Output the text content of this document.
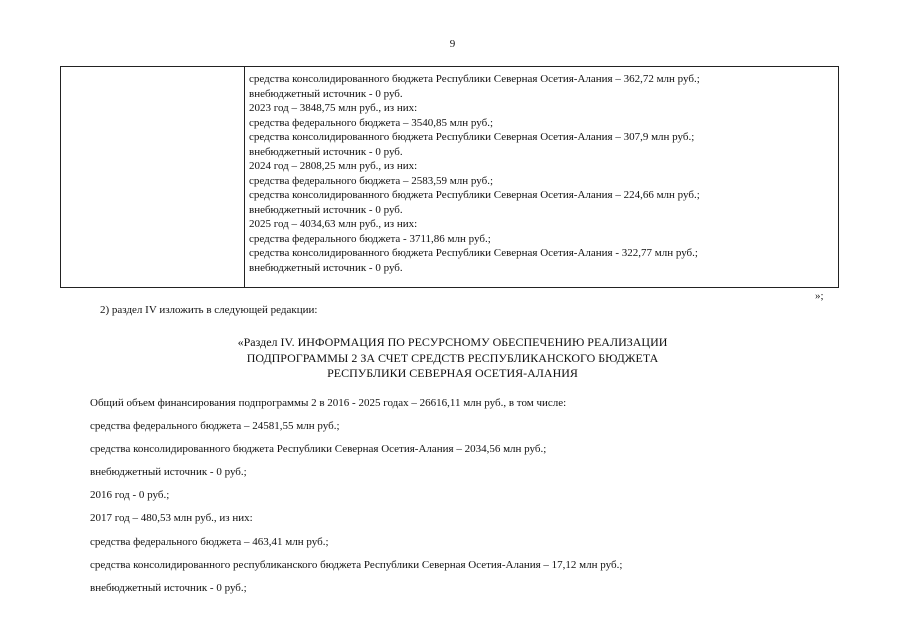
9
средства консолидированного бюджета Республики Северная Осетия-Алания – 362,72 млн руб.;
внебюджетный источник - 0 руб.
2023 год – 3848,75 млн руб., из них:
средства федерального бюджета – 3540,85 млн руб.;
средства консолидированного бюджета Республики Северная Осетия-Алания – 307,9 млн руб.;
внебюджетный источник - 0 руб.
2024 год – 2808,25 млн руб., из них:
средства федерального бюджета – 2583,59 млн руб.;
средства консолидированного бюджета Республики Северная Осетия-Алания – 224,66 млн руб.;
внебюджетный источник - 0 руб.
2025 год – 4034,63 млн руб., из них:
средства федерального бюджета - 3711,86 млн руб.;
средства консолидированного бюджета Республики Северная Осетия-Алания - 322,77 млн руб.;
внебюджетный источник - 0 руб.
»;
2) раздел IV изложить в следующей редакции:
«Раздел IV. ИНФОРМАЦИЯ ПО РЕСУРСНОМУ ОБЕСПЕЧЕНИЮ РЕАЛИЗАЦИИ
ПОДПРОГРАММЫ 2 ЗА СЧЕТ СРЕДСТВ РЕСПУБЛИКАНСКОГО БЮДЖЕТА
РЕСПУБЛИКИ СЕВЕРНАЯ ОСЕТИЯ-АЛАНИЯ
Общий объем финансирования подпрограммы 2 в 2016 - 2025 годах – 26616,11 млн руб., в том числе:
средства федерального бюджета – 24581,55 млн руб.;
средства консолидированного бюджета Республики Северная Осетия-Алания – 2034,56 млн руб.;
внебюджетный источник - 0 руб.;
2016 год - 0 руб.;
2017 год – 480,53 млн руб., из них:
средства федерального бюджета – 463,41 млн руб.;
средства консолидированного республиканского бюджета Республики Северная Осетия-Алания – 17,12 млн руб.;
внебюджетный источник - 0 руб.;
